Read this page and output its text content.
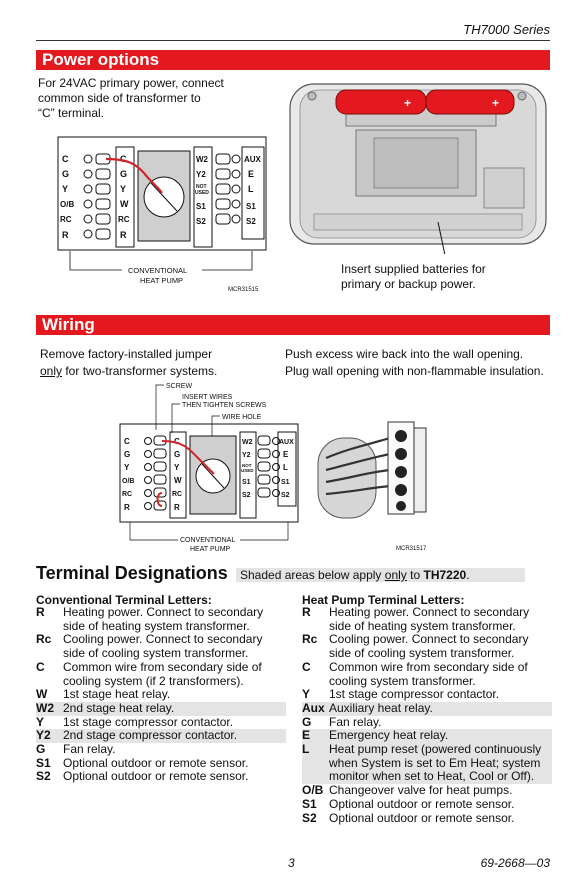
TH7000 Series
Power options
For 24VAC primary power, connect
common side of transformer to
“C” terminal.
C
G
Y
O/B
RC
R
C
G
Y
W
RC
R
W2
Y2
NOT
USED
S1
S2
AUX
E
L
S1
S2
CONVENTIONAL
HEAT PUMP
MCR31515
+	+
Insert supplied batteries for
primary or backup power.
Wiring
Remove factory-installed jumper
only for two-transformer systems.
Push excess wire back into the wall opening.
Plug wall opening with non-flammable insulation.
SCREW
INSERT WIRES
THEN TIGHTEN SCREWS
WIRE HOLE
C
G
Y
O/B
RC
R
C
G
Y
W
RC
R
W2
Y2
NOT
USED
S1
S2
AUX
E
L
S1
S2
CONVENTIONAL
HEAT PUMP	MCR31517
Terminal Designations	Shaded areas below apply only to TH7220.
Conventional Terminal Letters:
R	Heating power. Connect to secondary side of heating system transformer.
Rc Cooling power. Connect to secondary side of cooling system transformer.
C	Common wire from secondary side of cooling system (if 2 transformers).
W	1st stage heat relay.
W2 2nd stage heat relay.
Y	1st stage compressor contactor.
Y2	2nd stage compressor contactor.
G	Fan relay.
S1	Optional outdoor or remote sensor.
S2	Optional outdoor or remote sensor.
Heat Pump Terminal Letters:
R	Heating power. Connect to secondary side of heating system transformer.
Rc Cooling power. Connect to secondary side of cooling system transformer.
C	Common wire from secondary side of cooling system transformer.
Y	1st stage compressor contactor.
Aux Auxiliary heat relay.
G	Fan relay.
E	Emergency heat relay.
L	Heat pump reset (powered continuously when System is set to Em Heat; system monitor when set to Heat, Cool or Off).
O/B Changeover valve for heat pumps.
S1	Optional outdoor or remote sensor.
S2	Optional outdoor or remote sensor.
3	69-2668—03
